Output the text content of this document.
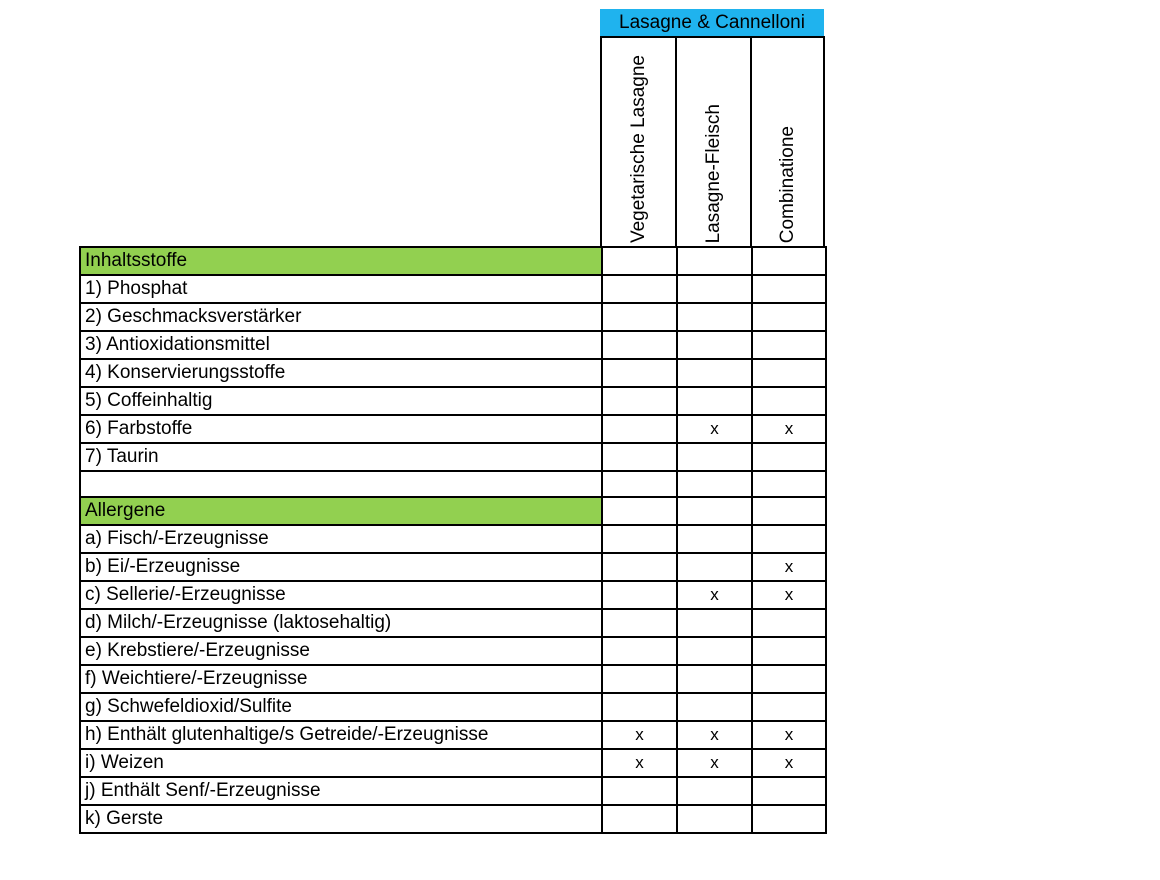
Lasagne & Cannelloni
Vegetarische Lasagne	Lasagne-Fleisch	Combinatione
Inhaltsstoffe			
1) Phosphat			
2) Geschmacksverstärker			
3) Antioxidationsmittel			
4) Konservierungsstoffe			
5) Coffeinhaltig			
6) Farbstoffe		x	x
7) Taurin			

Allergene			
a) Fisch/-Erzeugnisse			
b) Ei/-Erzeugnisse			x
c) Sellerie/-Erzeugnisse		x	x
d) Milch/-Erzeugnisse (laktosehaltig)			
e) Krebstiere/-Erzeugnisse			
f) Weichtiere/-Erzeugnisse			
g) Schwefeldioxid/Sulfite			
h) Enthält glutenhaltige/s Getreide/-Erzeugnisse	x	x	x
i) Weizen	x	x	x
j) Enthält Senf/-Erzeugnisse			
k) Gerste			
